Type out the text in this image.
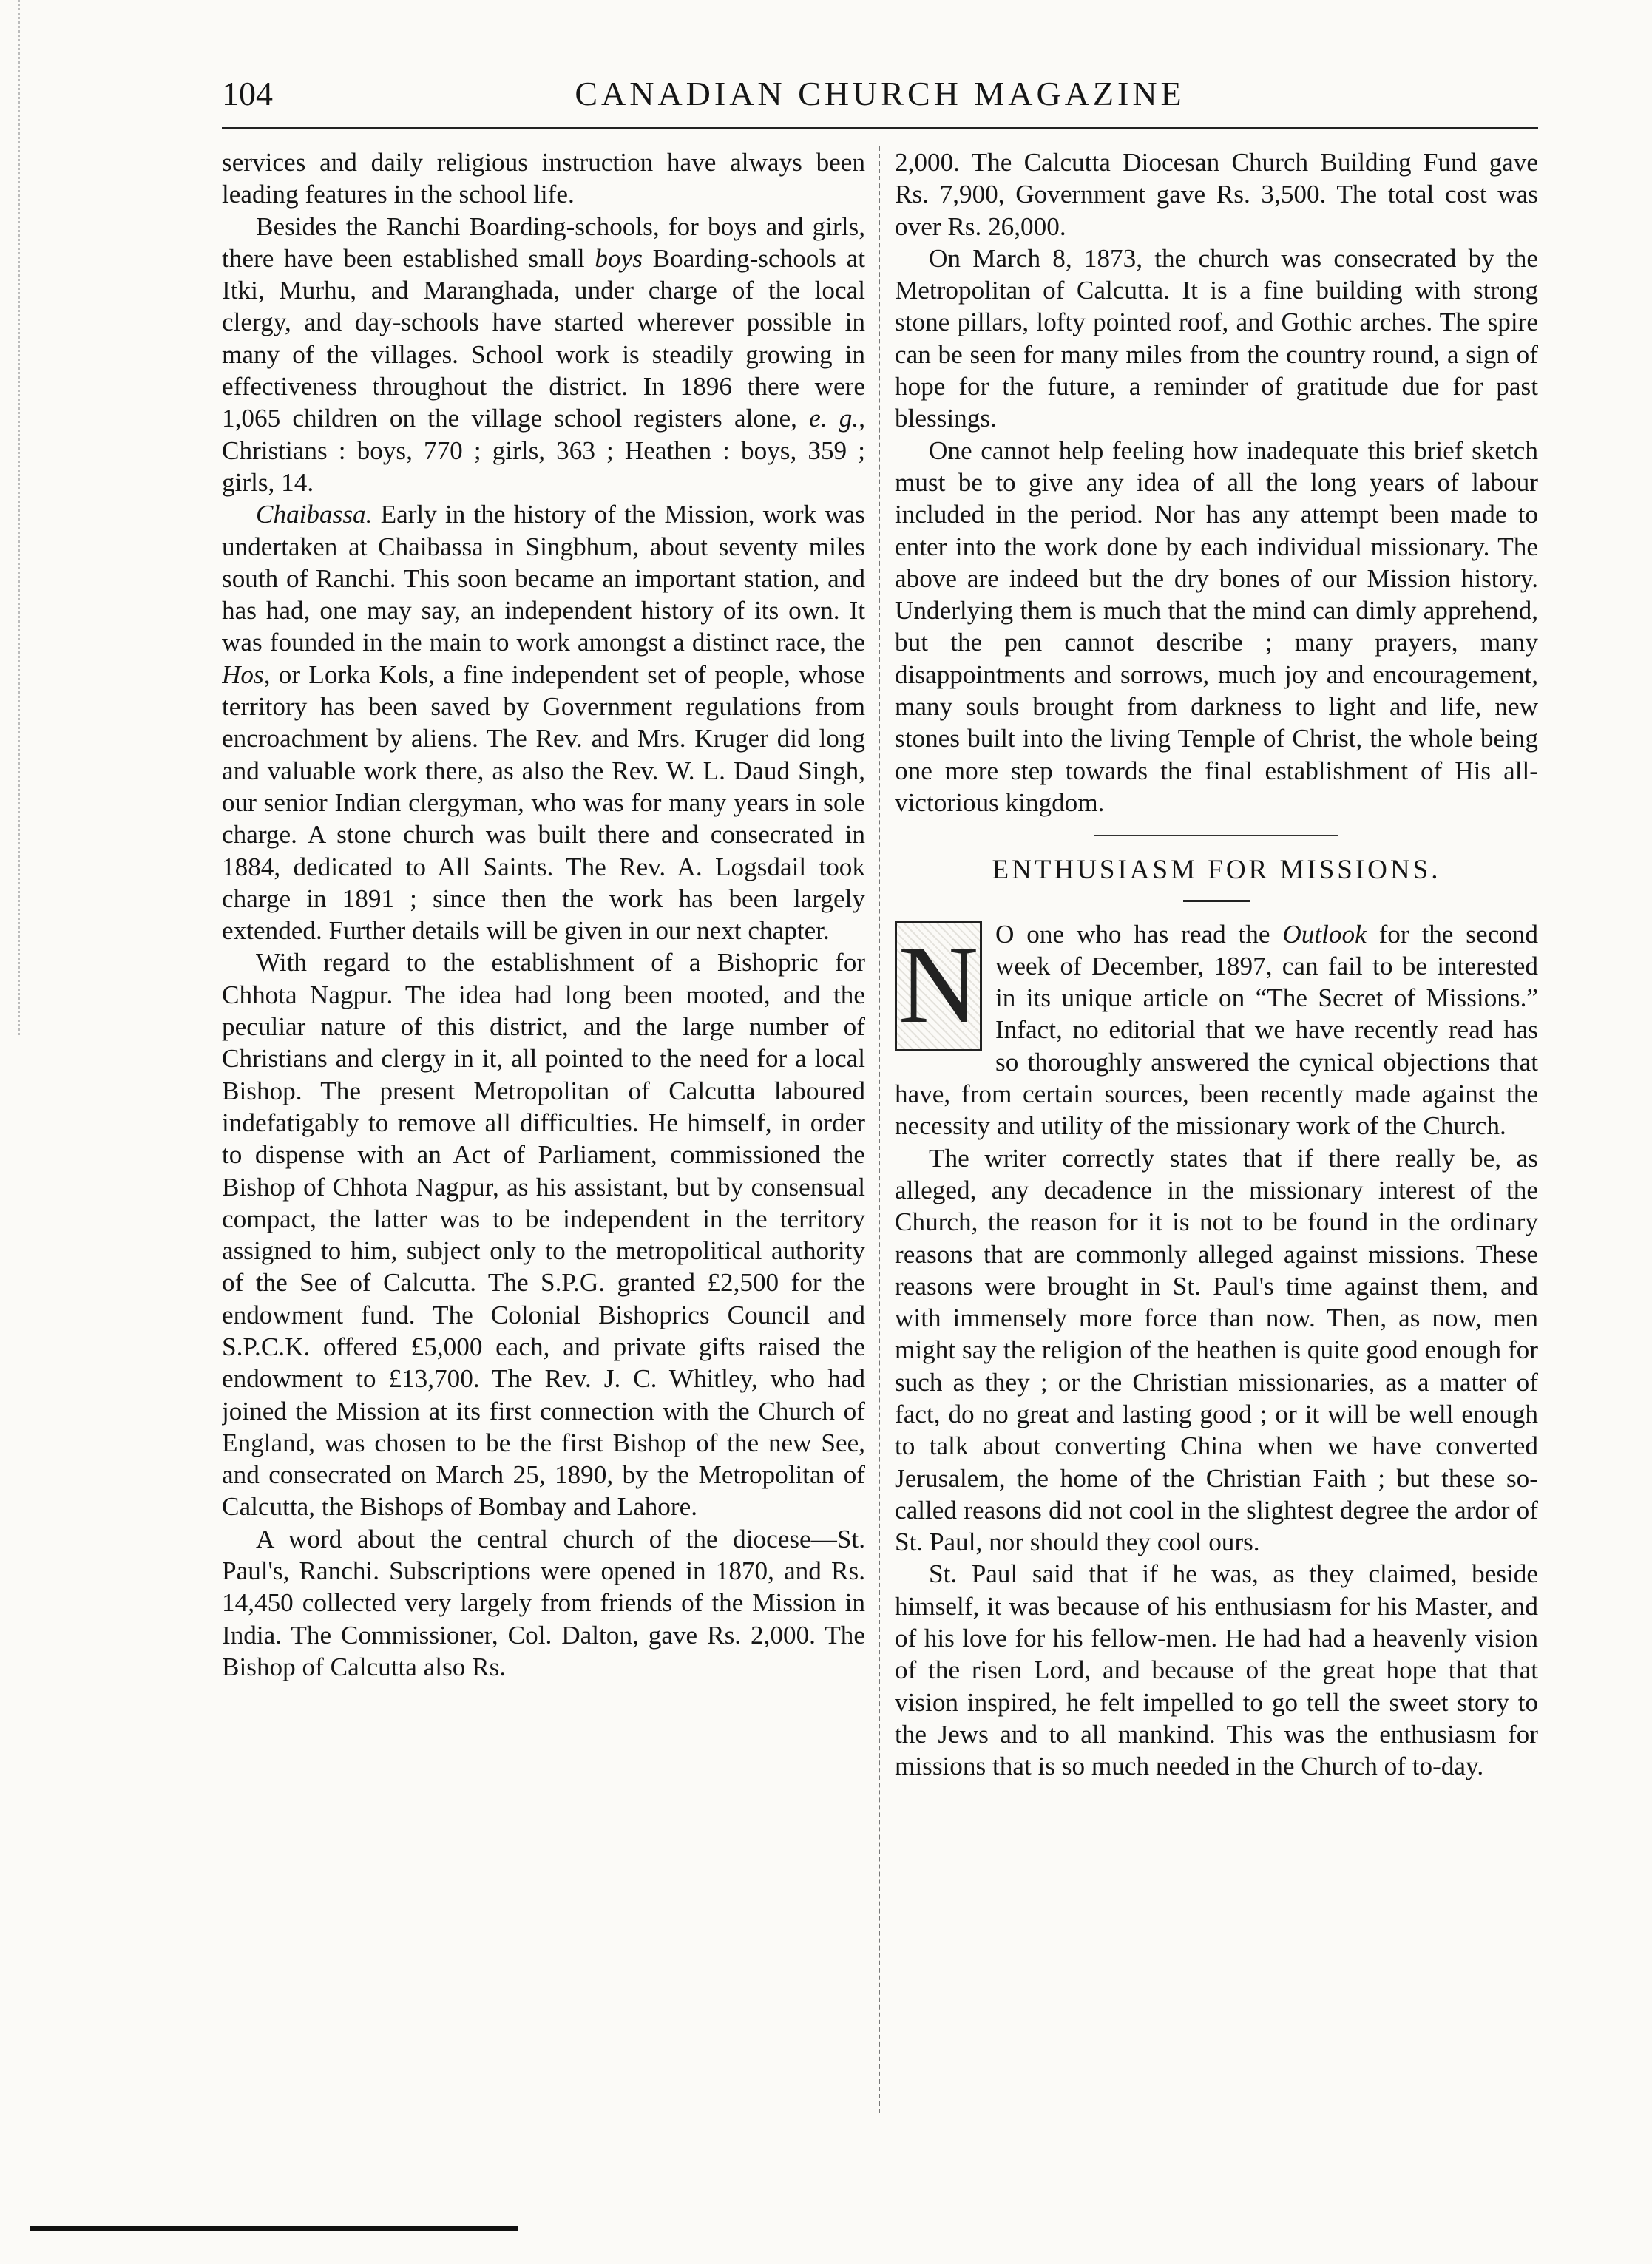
104	CANADIAN CHURCH MAGAZINE

services and daily religious instruction have always been leading features in the school life.

Besides the Ranchi Boarding-schools, for boys and girls, there have been established small boys Boarding-schools at Itki, Murhu, and Maranghada, under charge of the local clergy, and day-schools have started wherever possible in many of the villages. School work is steadily growing in effectiveness throughout the district. In 1896 there were 1,065 children on the village school registers alone, e. g., Christians : boys, 770 ; girls, 363 ; Heathen : boys, 359 ; girls, 14.

Chaibassa. Early in the history of the Mission, work was undertaken at Chaibassa in Singbhum, about seventy miles south of Ranchi. This soon became an important station, and has had, one may say, an independent history of its own. It was founded in the main to work amongst a distinct race, the Hos, or Lorka Kols, a fine independent set of people, whose territory has been saved by Government regulations from encroachment by aliens. The Rev. and Mrs. Kruger did long and valuable work there, as also the Rev. W. L. Daud Singh, our senior Indian clergyman, who was for many years in sole charge. A stone church was built there and consecrated in 1884, dedicated to All Saints. The Rev. A. Logsdail took charge in 1891 ; since then the work has been largely extended. Further details will be given in our next chapter.

With regard to the establishment of a Bishopric for Chhota Nagpur. The idea had long been mooted, and the peculiar nature of this district, and the large number of Christians and clergy in it, all pointed to the need for a local Bishop. The present Metropolitan of Calcutta laboured indefatigably to remove all difficulties. He himself, in order to dispense with an Act of Parliament, commissioned the Bishop of Chhota Nagpur, as his assistant, but by consensual compact, the latter was to be independent in the territory assigned to him, subject only to the metropolitical authority of the See of Calcutta. The S.P.G. granted £2,500 for the endowment fund. The Colonial Bishoprics Council and S.P.C.K. offered £5,000 each, and private gifts raised the endowment to £13,700. The Rev. J. C. Whitley, who had joined the Mission at its first connection with the Church of England, was chosen to be the first Bishop of the new See, and consecrated on March 25, 1890, by the Metropolitan of Calcutta, the Bishops of Bombay and Lahore.

A word about the central church of the diocese—St. Paul's, Ranchi. Subscriptions were opened in 1870, and Rs. 14,450 collected very largely from friends of the Mission in India. The Commissioner, Col. Dalton, gave Rs. 2,000. The Bishop of Calcutta also Rs.

2,000. The Calcutta Diocesan Church Building Fund gave Rs. 7,900, Government gave Rs. 3,500. The total cost was over Rs. 26,000.

On March 8, 1873, the church was consecrated by the Metropolitan of Calcutta. It is a fine building with strong stone pillars, lofty pointed roof, and Gothic arches. The spire can be seen for many miles from the country round, a sign of hope for the future, a reminder of gratitude due for past blessings.

One cannot help feeling how inadequate this brief sketch must be to give any idea of all the long years of labour included in the period. Nor has any attempt been made to enter into the work done by each individual missionary. The above are indeed but the dry bones of our Mission history. Underlying them is much that the mind can dimly apprehend, but the pen cannot describe ; many prayers, many disappointments and sorrows, much joy and encouragement, many souls brought from darkness to light and life, new stones built into the living Temple of Christ, the whole being one more step towards the final establishment of His all-victorious kingdom.

ENTHUSIASM FOR MISSIONS.

N O one who has read the Outlook for the second week of December, 1897, can fail to be interested in its unique article on “The Secret of Missions.” Infact, no editorial that we have recently read has so thoroughly answered the cynical objections that have, from certain sources, been recently made against the necessity and utility of the missionary work of the Church.

The writer correctly states that if there really be, as alleged, any decadence in the missionary interest of the Church, the reason for it is not to be found in the ordinary reasons that are commonly alleged against missions. These reasons were brought in St. Paul's time against them, and with immensely more force than now. Then, as now, men might say the religion of the heathen is quite good enough for such as they ; or the Christian missionaries, as a matter of fact, do no great and lasting good ; or it will be well enough to talk about converting China when we have converted Jerusalem, the home of the Christian Faith ; but these so-called reasons did not cool in the slightest degree the ardor of St. Paul, nor should they cool ours.

St. Paul said that if he was, as they claimed, beside himself, it was because of his enthusiasm for his Master, and of his love for his fellow-men. He had had a heavenly vision of the risen Lord, and because of the great hope that that vision inspired, he felt impelled to go tell the sweet story to the Jews and to all mankind. This was the enthusiasm for missions that is so much needed in the Church of to-day.
